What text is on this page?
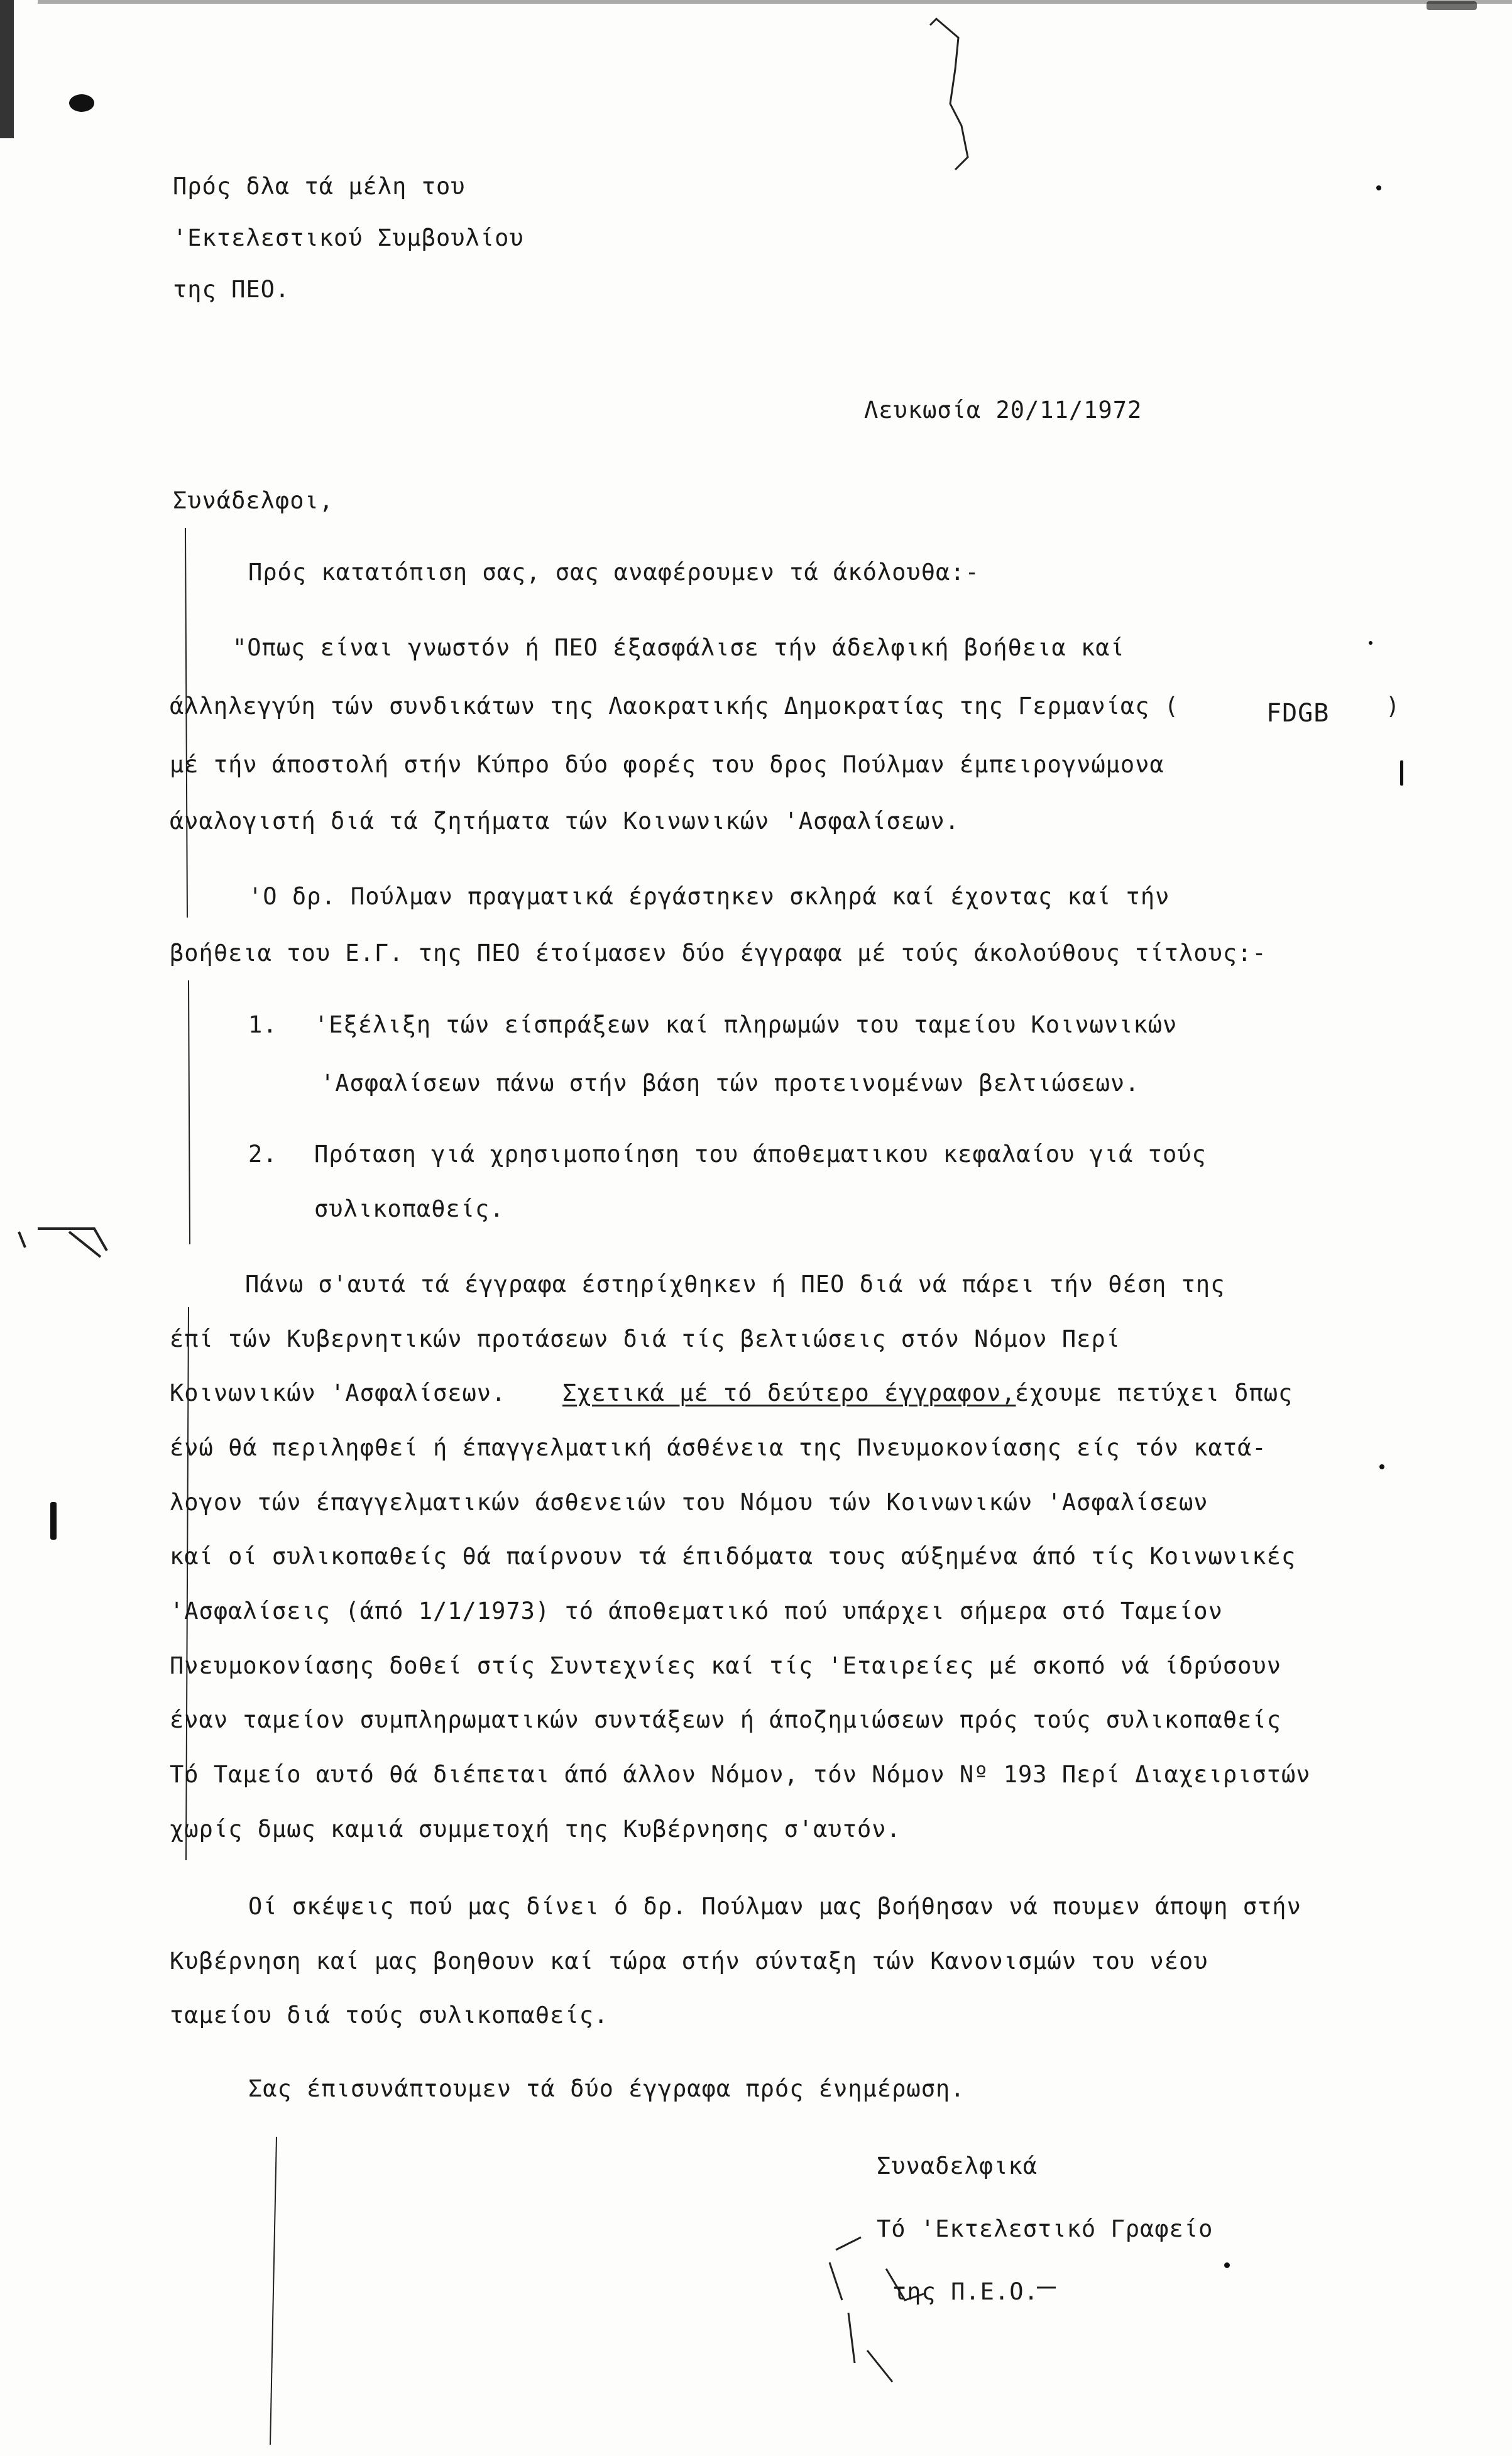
Πρός δλα τά μέλη του
'Εκτελεστικού Συμβουλίου
της ΠΕΟ.
Λευκωσία 20/11/1972
Συνάδελφοι,
Πρός κατατόπιση σας, σας αναφέρουμεν τά άκόλουθα:-
"Οπως είναι γνωστόν ή ΠΕΟ έξασφάλισε τήν άδελφική βοήθεια καί
άλληλεγγύη τών συνδικάτων της Λαοκρατικής Δημοκρατίας της Γερμανίας (	FDGB )
μέ τήν άποστολή στήν Κύπρο δύο φορές του δρος Πούλμαν έμπειρογνώμονα
άναλογιστή διά τά ζητήματα τών Κοινωνικών 'Ασφαλίσεων.
'Ο δρ. Πούλμαν πραγματικά έργάστηκεν σκληρά καί έχοντας καί τήν
βοήθεια του Ε.Γ. της ΠΕΟ έτοίμασεν δύο έγγραφα μέ τούς άκολούθους τίτλους:-
1. 'Εξέλιξη τών είσπράξεων καί πληρωμών του ταμείου Κοινωνικών
'Ασφαλίσεων πάνω στήν βάση τών προτεινομένων βελτιώσεων.
2. Πρόταση γιά χρησιμοποίηση του άποθεματικου κεφαλαίου γιά τούς
συλικοπαθείς.
Πάνω σ'αυτά τά έγγραφα έστηρίχθηκεν ή ΠΕΟ διά νά πάρει τήν θέση της
έπί τών Κυβερνητικών προτάσεων διά τίς βελτιώσεις στόν Νόμον Περί
Κοινωνικών 'Ασφαλίσεων. Σχετικά μέ τό δεύτερο έγγραφον,
έχουμε πετύχει δπως
ένώ θά περιληφθεί ή έπαγγελματική άσθένεια της Πνευμοκονίασης είς τόν κατά-
λογον τών έπαγγελματικών άσθενειών του Νόμου τών Κοινωνικών 'Ασφαλίσεων
καί οί συλικοπαθείς θά παίρνουν τά έπιδόματα τους αύξημένα άπό τίς Κοινωνικές
'Ασφαλίσεις (άπό 1/1/1973) τό άποθεματικό πού υπάρχει σήμερα στό Ταμείον
Πνευμοκονίασης δοθεί στίς Συντεχνίες καί τίς 'Εταιρείες μέ σκοπό νά ίδρύσουν
έναν ταμείον συμπληρωματικών συντάξεων ή άποζημιώσεων πρός τούς συλικοπαθείς
Τό Ταμείο αυτό θά διέπεται άπό άλλον Νόμον, τόν Νόμον Νº 193 Περί Διαχειριστών
χωρίς δμως καμιά συμμετοχή της Κυβέρνησης σ'αυτόν.
Οί σκέψεις πού μας δίνει ό δρ. Πούλμαν μας βοήθησαν νά πουμεν άποψη στήν
Κυβέρνηση καί μας βοηθουν καί τώρα στήν σύνταξη τών Κανονισμών του νέου
ταμείου διά τούς συλικοπαθείς.
Σας έπισυνάπτουμεν τά δύο έγγραφα πρός ένημέρωση.
Συναδελφικά
Τό 'Εκτελεστικό Γραφείο
της Π.Ε.Ο.
